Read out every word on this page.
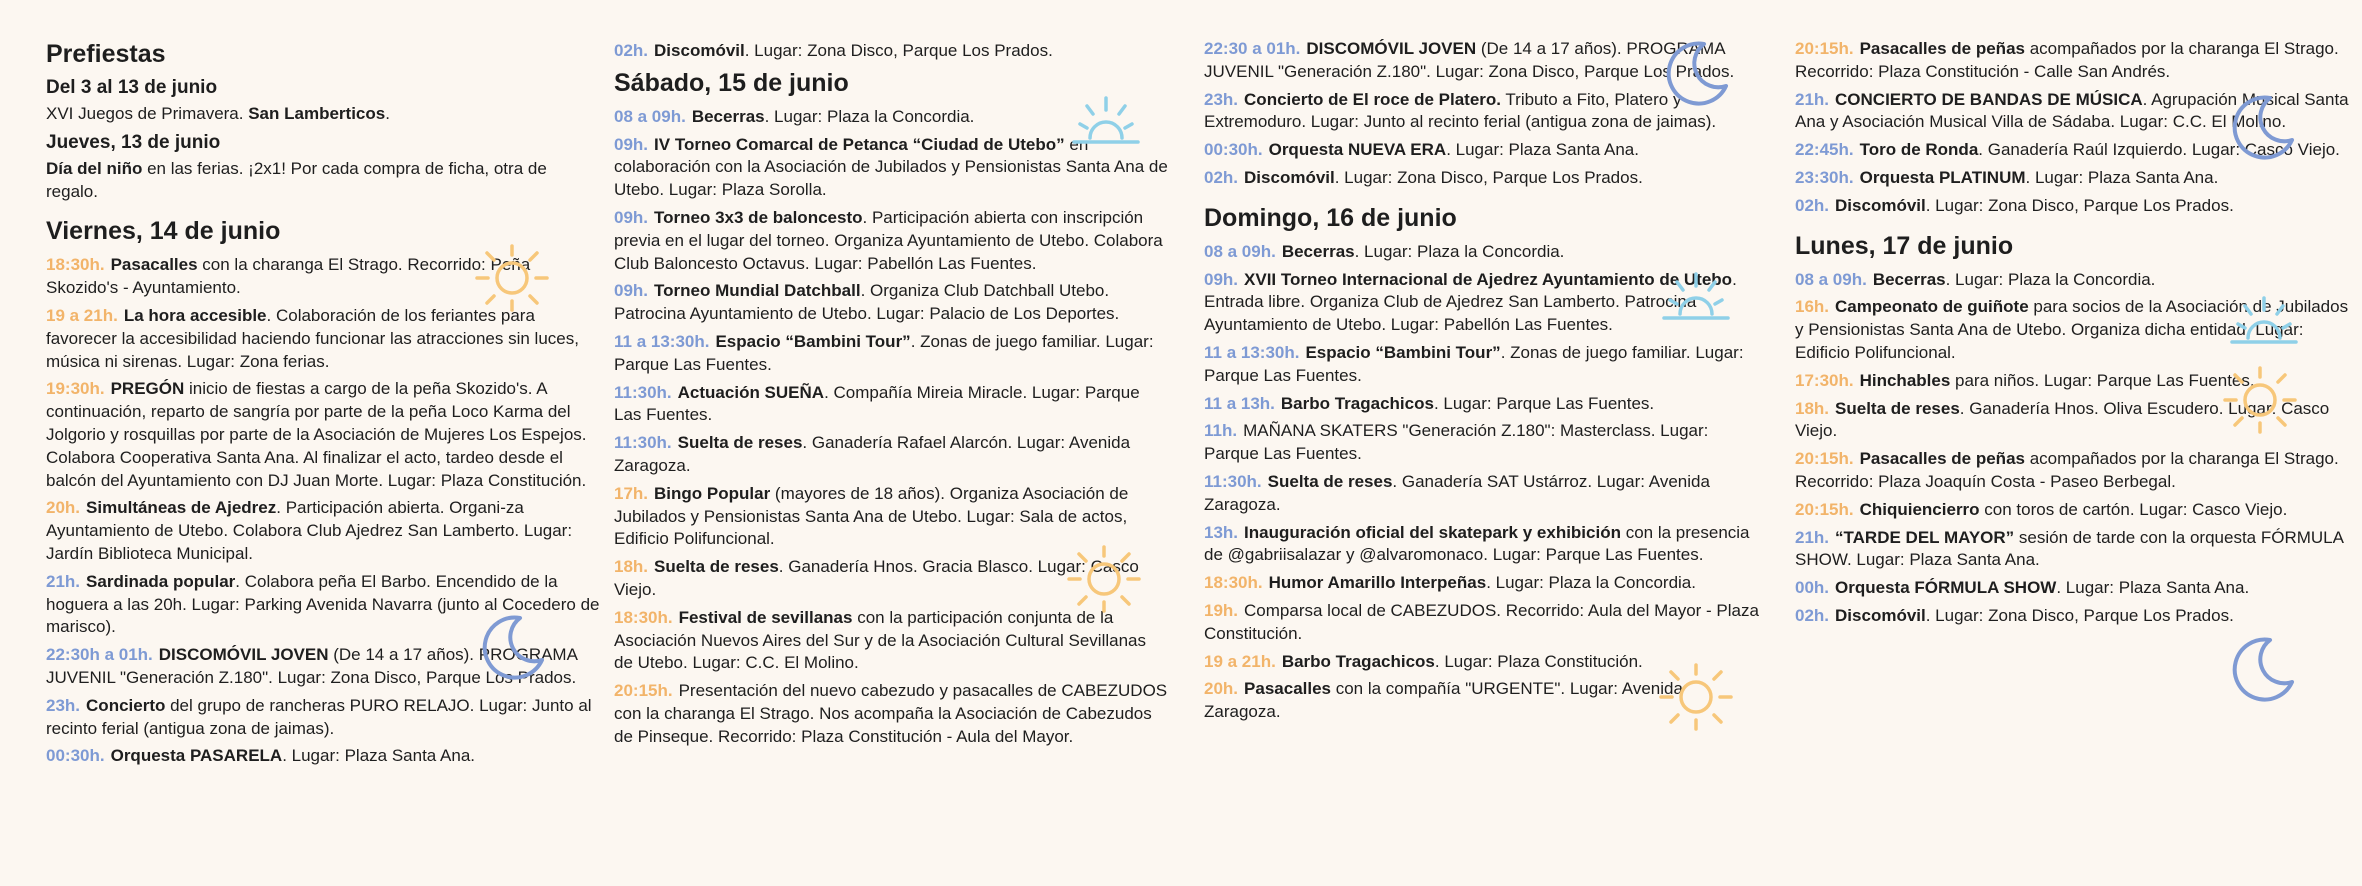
Prefiestas
Del 3 al 13 de junio
XVI Juegos de Primavera. San Lamberticos.
Jueves, 13 de junio
Día del niño en las ferias. ¡2x1! Por cada compra de ficha, otra de regalo.
Viernes, 14 de junio
18:30h. Pasacalles con la charanga El Strago. Recorrido: Peña Skozido's - Ayuntamiento.
19 a 21h. La hora accesible. Colaboración de los feriantes para favorecer la accesibilidad haciendo funcionar las atracciones sin luces, música ni sirenas. Lugar: Zona ferias.
19:30h. PREGÓN inicio de fiestas a cargo de la peña Skozido's. A continuación, reparto de sangría por parte de la peña Loco Karma del Jolgorio y rosquillas por parte de la Asociación de Mujeres Los Espejos. Colabora Cooperativa Santa Ana. Al finalizar el acto, tardeo desde el balcón del Ayuntamiento con DJ Juan Morte. Lugar: Plaza Constitución.
20h. Simultáneas de Ajedrez. Participación abierta. Organi-za Ayuntamiento de Utebo. Colabora Club Ajedrez San Lamberto. Lugar: Jardín Biblioteca Municipal.
21h. Sardinada popular. Colabora peña El Barbo. Encendido de la hoguera a las 20h. Lugar: Parking Avenida Navarra (junto al Cocedero de marisco).
22:30h a 01h. DISCOMÓVIL JOVEN (De 14 a 17 años). PROGRAMA JUVENIL "Generación Z.180". Lugar: Zona Disco, Parque Los Prados.
23h. Concierto del grupo de rancheras PURO RELAJO. Lugar: Junto al recinto ferial (antigua zona de jaimas).
00:30h. Orquesta PASARELA. Lugar: Plaza Santa Ana.
02h. Discomóvil. Lugar: Zona Disco, Parque Los Prados.
Sábado, 15 de junio
08 a 09h. Becerras. Lugar: Plaza la Concordia.
09h. IV Torneo Comarcal de Petanca “Ciudad de Utebo” en colaboración con la Asociación de Jubilados y Pensionistas Santa Ana de Utebo. Lugar: Plaza Sorolla.
09h. Torneo 3x3 de baloncesto. Participación abierta con inscripción previa en el lugar del torneo. Organiza Ayuntamiento de Utebo. Colabora Club Baloncesto Octavus. Lugar: Pabellón Las Fuentes.
09h. Torneo Mundial Datchball. Organiza Club Datchball Utebo. Patrocina Ayuntamiento de Utebo. Lugar: Palacio de Los Deportes.
11 a 13:30h. Espacio “Bambini Tour”. Zonas de juego familiar. Lugar: Parque Las Fuentes.
11:30h. Actuación SUEÑA. Compañía Mireia Miracle. Lugar: Parque Las Fuentes.
11:30h. Suelta de reses. Ganadería Rafael Alarcón. Lugar: Avenida Zaragoza.
17h. Bingo Popular (mayores de 18 años). Organiza Asociación de Jubilados y Pensionistas Santa Ana de Utebo. Lugar: Sala de actos, Edificio Polifuncional.
18h. Suelta de reses. Ganadería Hnos. Gracia Blasco. Lugar: Casco Viejo.
18:30h. Festival de sevillanas con la participación conjunta de la Asociación Nuevos Aires del Sur y de la Asociación Cultural Sevillanas de Utebo. Lugar: C.C. El Molino.
20:15h. Presentación del nuevo cabezudo y pasacalles de CABEZUDOS con la charanga El Strago. Nos acompaña la Asociación de Cabezudos de Pinseque. Recorrido: Plaza Constitución - Aula del Mayor.
22:30 a 01h. DISCOMÓVIL JOVEN (De 14 a 17 años). PROGRAMA JUVENIL "Generación Z.180". Lugar: Zona Disco, Parque Los Prados.
23h. Concierto de El roce de Platero. Tributo a Fito, Platero y Extremoduro. Lugar: Junto al recinto ferial (antigua zona de jaimas).
00:30h. Orquesta NUEVA ERA. Lugar: Plaza Santa Ana.
02h. Discomóvil. Lugar: Zona Disco, Parque Los Prados.
Domingo, 16 de junio
08 a 09h. Becerras. Lugar: Plaza la Concordia.
09h. XVII Torneo Internacional de Ajedrez Ayuntamiento de Utebo. Entrada libre. Organiza Club de Ajedrez San Lamberto. Patrocina Ayuntamiento de Utebo. Lugar: Pabellón Las Fuentes.
11 a 13:30h. Espacio “Bambini Tour”. Zonas de juego familiar. Lugar: Parque Las Fuentes.
11 a 13h. Barbo Tragachicos. Lugar: Parque Las Fuentes.
11h. MAÑANA SKATERS "Generación Z.180": Masterclass. Lugar: Parque Las Fuentes.
11:30h. Suelta de reses. Ganadería SAT Ustárroz. Lugar: Avenida Zaragoza.
13h. Inauguración oficial del skatepark y exhibición con la presencia de @gabriisalazar y @alvaromonaco. Lugar: Parque Las Fuentes.
18:30h. Humor Amarillo Interpeñas. Lugar: Plaza la Concordia.
19h. Comparsa local de CABEZUDOS. Recorrido: Aula del Mayor - Plaza Constitución.
19 a 21h. Barbo Tragachicos. Lugar: Plaza Constitución.
20h. Pasacalles con la compañía "URGENTE". Lugar: Avenida Zaragoza.
20:15h. Pasacalles de peñas acompañados por la charanga El Strago. Recorrido: Plaza Constitución - Calle San Andrés.
21h. CONCIERTO DE BANDAS DE MÚSICA. Agrupación Musical Santa Ana y Asociación Musical Villa de Sádaba. Lugar: C.C. El Molino.
22:45h. Toro de Ronda. Ganadería Raúl Izquierdo. Lugar: Casco Viejo.
23:30h. Orquesta PLATINUM. Lugar: Plaza Santa Ana.
02h. Discomóvil. Lugar: Zona Disco, Parque Los Prados.
Lunes, 17 de junio
08 a 09h. Becerras. Lugar: Plaza la Concordia.
16h. Campeonato de guiñote para socios de la Asociación de Jubilados y Pensionistas Santa Ana de Utebo. Organiza dicha entidad. Lugar: Edificio Polifuncional.
17:30h. Hinchables para niños. Lugar: Parque Las Fuentes.
18h. Suelta de reses. Ganadería Hnos. Oliva Escudero. Lugar: Casco Viejo.
20:15h. Pasacalles de peñas acompañados por la charanga El Strago. Recorrido: Plaza Joaquín Costa - Paseo Berbegal.
20:15h. Chiquiencierro con toros de cartón. Lugar: Casco Viejo.
21h. “TARDE DEL MAYOR” sesión de tarde con la orquesta FÓRMULA SHOW. Lugar: Plaza Santa Ana.
00h. Orquesta FÓRMULA SHOW. Lugar: Plaza Santa Ana.
02h. Discomóvil. Lugar: Zona Disco, Parque Los Prados.
